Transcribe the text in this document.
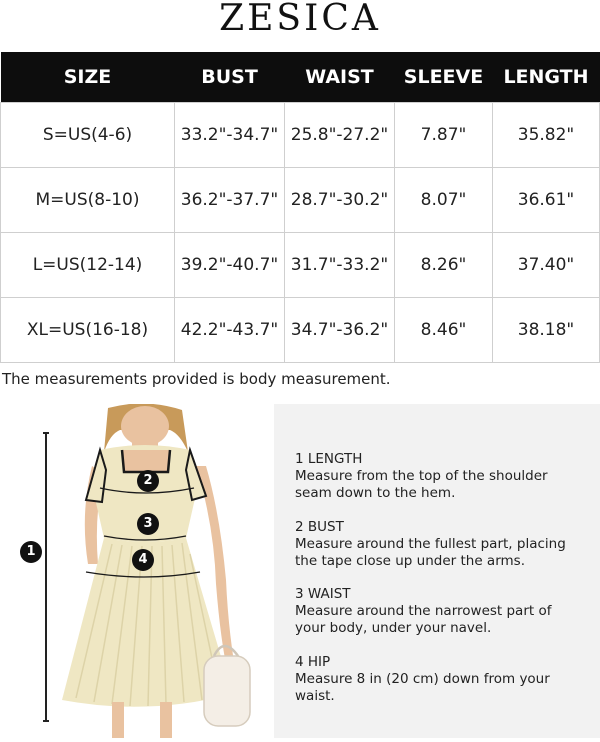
ZESICA
SIZE	BUST	WAIST	SLEEVE	LENGTH
S=US(4-6)	33.2"-34.7"	25.8"-27.2"	7.87"	35.82"
M=US(8-10)	36.2"-37.7"	28.7"-30.2"	8.07"	36.61"
L=US(12-14)	39.2"-40.7"	31.7"-33.2"	8.26"	37.40"
XL=US(16-18)	42.2"-43.7"	34.7"-36.2"	8.46"	38.18"
The measurements provided is body measurement.
1
2
3
4
1 LENGTH
Measure from the top of the shoulder seam down to the hem.
2 BUST
Measure around the fullest part, placing the tape close up under the arms.
3 WAIST
Measure around the narrowest part of your body, under your navel.
4 HIP
Measure 8 in (20 cm) down from your waist.
